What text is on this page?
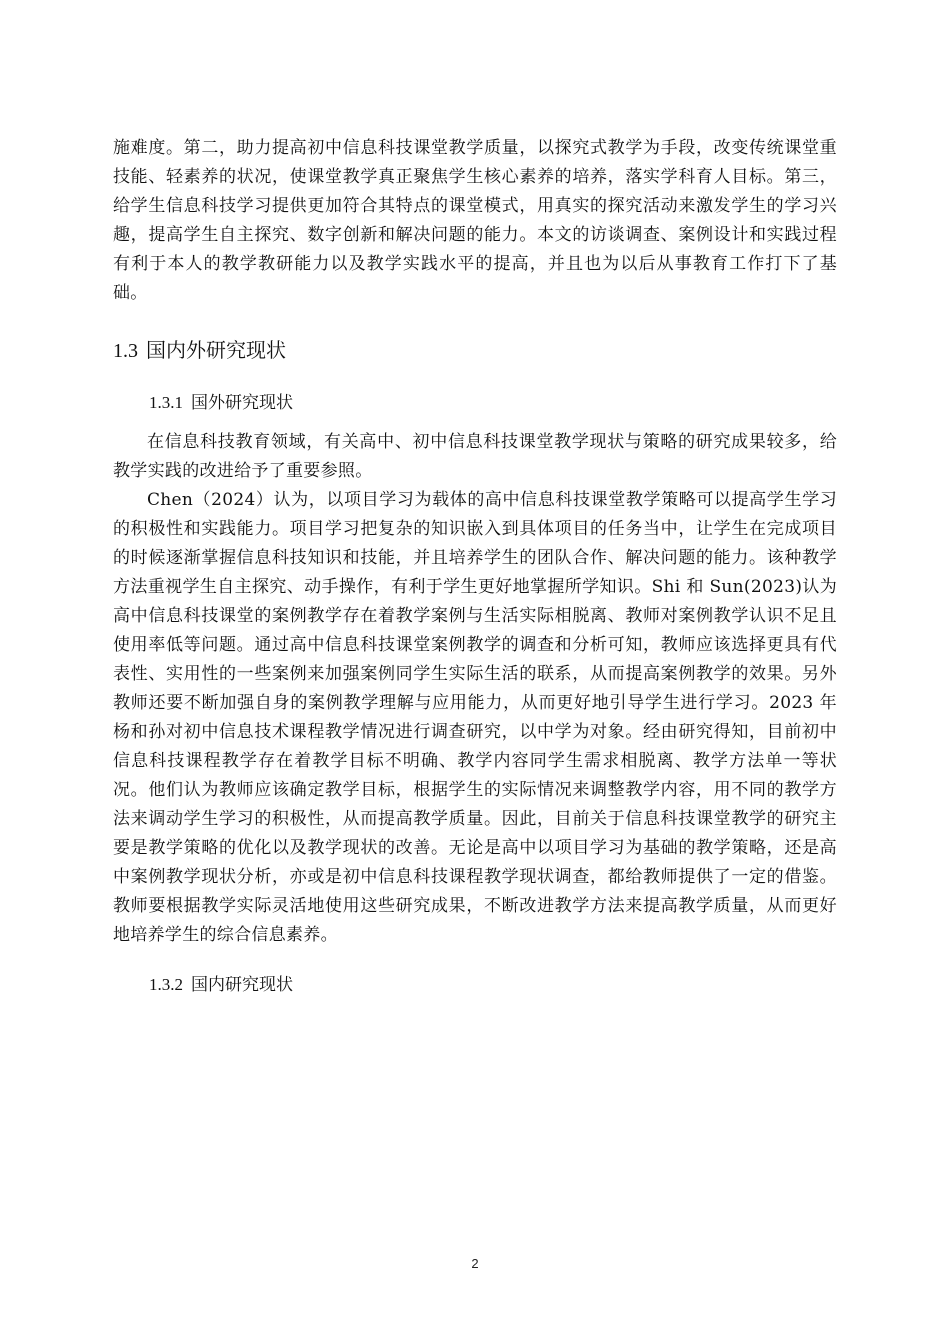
施难度。第二，助力提高初中信息科技课堂教学质量，以探究式教学为手段，改变传统课堂重技能、轻素养的状况，使课堂教学真正聚焦学生核心素养的培养，落实学科育人目标。第三，给学生信息科技学习提供更加符合其特点的课堂模式，用真实的探究活动来激发学生的学习兴趣，提高学生自主探究、数字创新和解决问题的能力。本文的访谈调查、案例设计和实践过程有利于本人的教学教研能力以及教学实践水平的提高，并且也为以后从事教育工作打下了基础。

1.3 国内外研究现状
1.3.1 国外研究现状

在信息科技教育领域，有关高中、初中信息科技课堂教学现状与策略的研究成果较多，给教学实践的改进给予了重要参照。

Chen（2024）认为，以项目学习为载体的高中信息科技课堂教学策略可以提高学生学习的积极性和实践能力。项目学习把复杂的知识嵌入到具体项目的任务当中，让学生在完成项目的时候逐渐掌握信息科技知识和技能，并且培养学生的团队合作、解决问题的能力。该种教学方法重视学生自主探究、动手操作，有利于学生更好地掌握所学知识。Shi 和 Sun(2023)认为高中信息科技课堂的案例教学存在着教学案例与生活实际相脱离、教师对案例教学认识不足且使用率低等问题。通过高中信息科技课堂案例教学的调查和分析可知，教师应该选择更具有代表性、实用性的一些案例来加强案例同学生实际生活的联系，从而提高案例教学的效果。另外教师还要不断加强自身的案例教学理解与应用能力，从而更好地引导学生进行学习。2023 年杨和孙对初中信息技术课程教学情况进行调查研究，以中学为对象。经由研究得知，目前初中信息科技课程教学存在着教学目标不明确、教学内容同学生需求相脱离、教学方法单一等状况。他们认为教师应该确定教学目标，根据学生的实际情况来调整教学内容，用不同的教学方法来调动学生学习的积极性，从而提高教学质量。因此，目前关于信息科技课堂教学的研究主要是教学策略的优化以及教学现状的改善。无论是高中以项目学习为基础的教学策略，还是高中案例教学现状分析，亦或是初中信息科技课程教学现状调查，都给教师提供了一定的借鉴。教师要根据教学实际灵活地使用这些研究成果，不断改进教学方法来提高教学质量，从而更好地培养学生的综合信息素养。

1.3.2 国内研究现状
2
